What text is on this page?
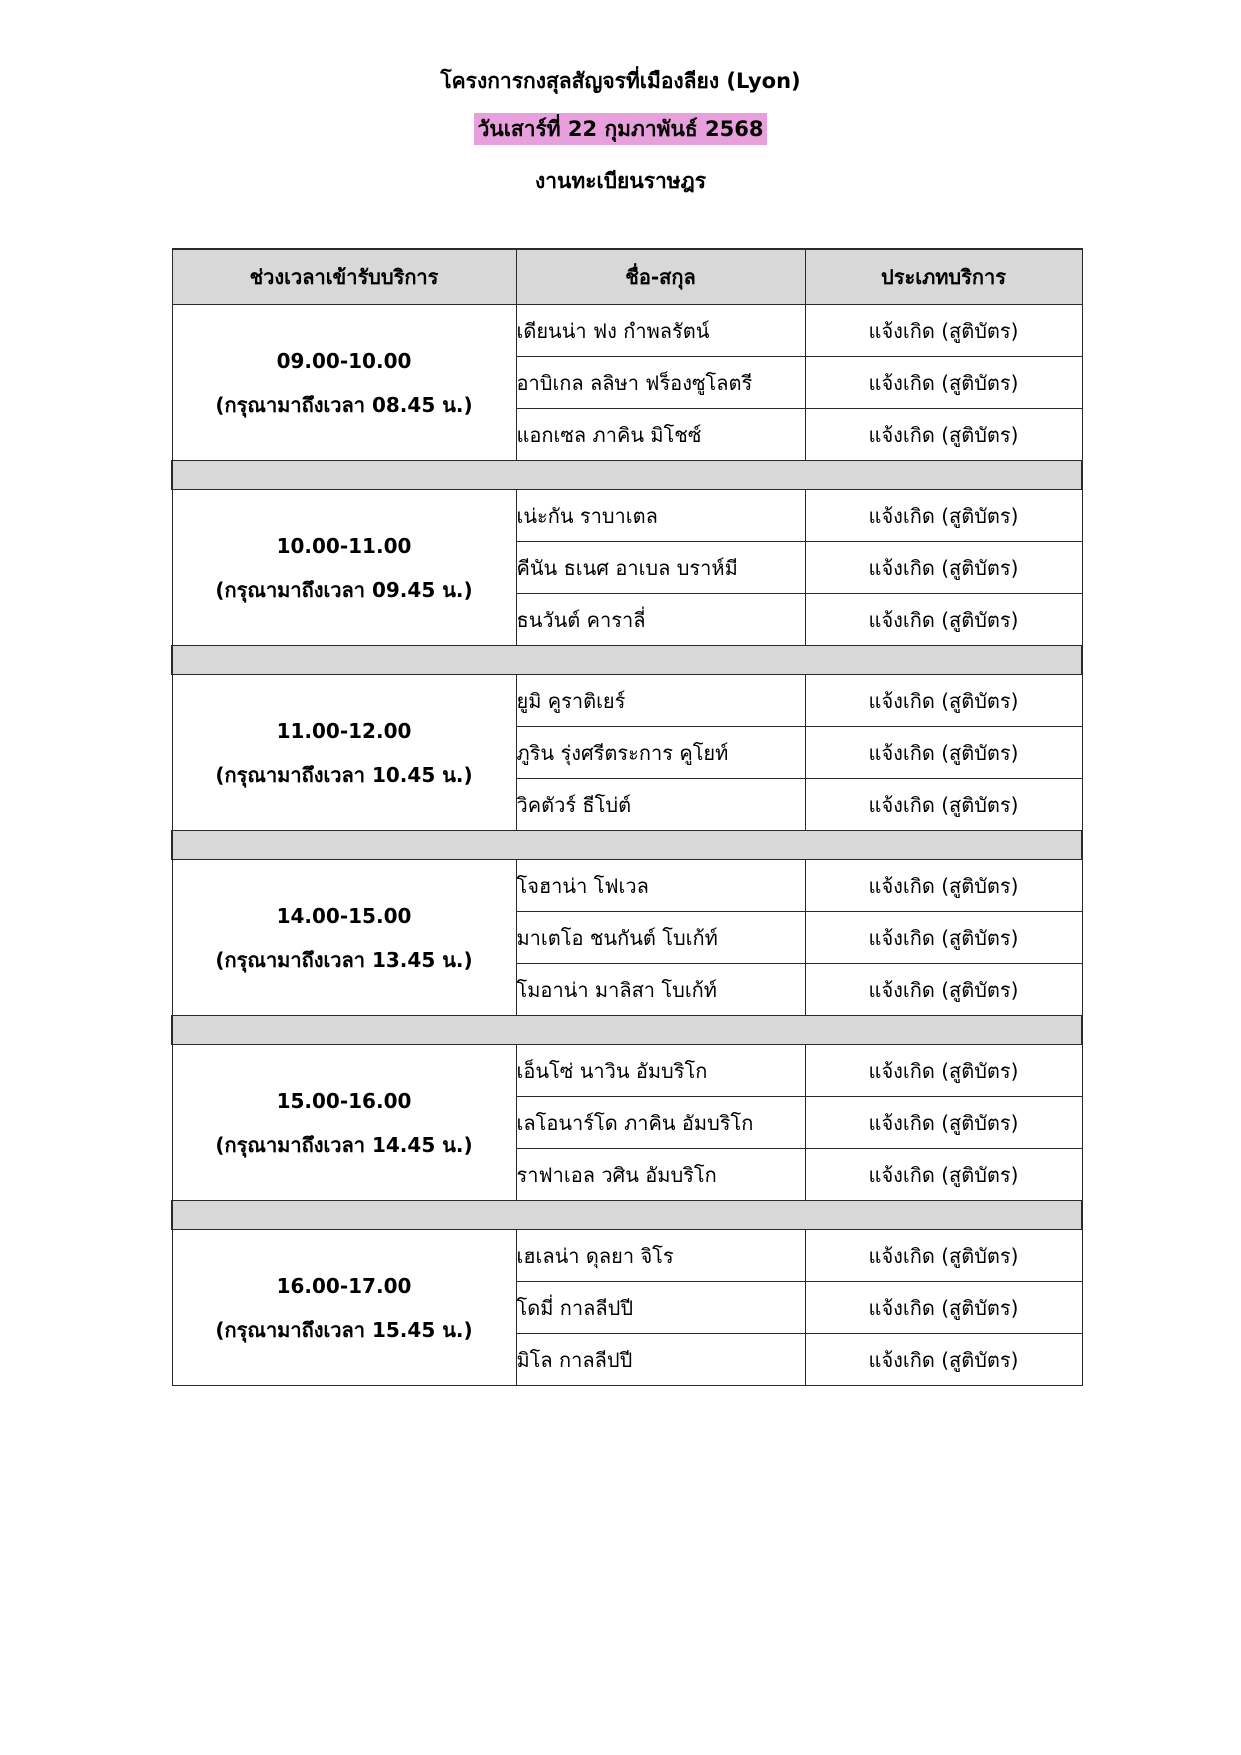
โครงการกงสุลสัญจรที่เมืองลียง (Lyon)
วันเสาร์ที่ 22 กุมภาพันธ์ 2568
งานทะเบียนราษฎร
ช่วงเวลาเข้ารับบริการ	ชื่อ-สกุล	ประเภทบริการ

09.00-10.00
(กรุณามาถึงเวลา 08.45 น.)	เดียนน่า ฟง กำพลรัตน์	แจ้งเกิด (สูติบัตร)
	อาบิเกล ลลิษา ฟร็องซูโลตรี	แจ้งเกิด (สูติบัตร)
	แอกเซล ภาคิน มิโชซ์	แจ้งเกิด (สูติบัตร)

10.00-11.00
(กรุณามาถึงเวลา 09.45 น.)	เน่ะกัน ราบาเตล	แจ้งเกิด (สูติบัตร)
	คีนัน ธเนศ อาเบล บราห์มี	แจ้งเกิด (สูติบัตร)
	ธนวันต์ คาราลี่	แจ้งเกิด (สูติบัตร)

11.00-12.00
(กรุณามาถึงเวลา 10.45 น.)	ยูมิ คูราติเยร์	แจ้งเกิด (สูติบัตร)
	ภูริน รุ่งศรีตระการ คูโยท์	แจ้งเกิด (สูติบัตร)
	วิคตัวร์ ธีโบ่ต์	แจ้งเกิด (สูติบัตร)

14.00-15.00
(กรุณามาถึงเวลา 13.45 น.)	โจฮาน่า โฟเวล	แจ้งเกิด (สูติบัตร)
	มาเตโอ ชนกันต์ โบเก้ท์	แจ้งเกิด (สูติบัตร)
	โมอาน่า มาลิสา โบเก้ท์	แจ้งเกิด (สูติบัตร)

15.00-16.00
(กรุณามาถึงเวลา 14.45 น.)	เอ็นโซ่ นาวิน อัมบริโก	แจ้งเกิด (สูติบัตร)
	เลโอนาร์โด ภาคิน อัมบริโก	แจ้งเกิด (สูติบัตร)
	ราฟาเอล วศิน อัมบริโก	แจ้งเกิด (สูติบัตร)

16.00-17.00
(กรุณามาถึงเวลา 15.45 น.)	เฮเลน่า ดุลยา จิโร	แจ้งเกิด (สูติบัตร)
	โดมี่ กาลลีปปี	แจ้งเกิด (สูติบัตร)
	มิโล กาลลีปปี	แจ้งเกิด (สูติบัตร)
